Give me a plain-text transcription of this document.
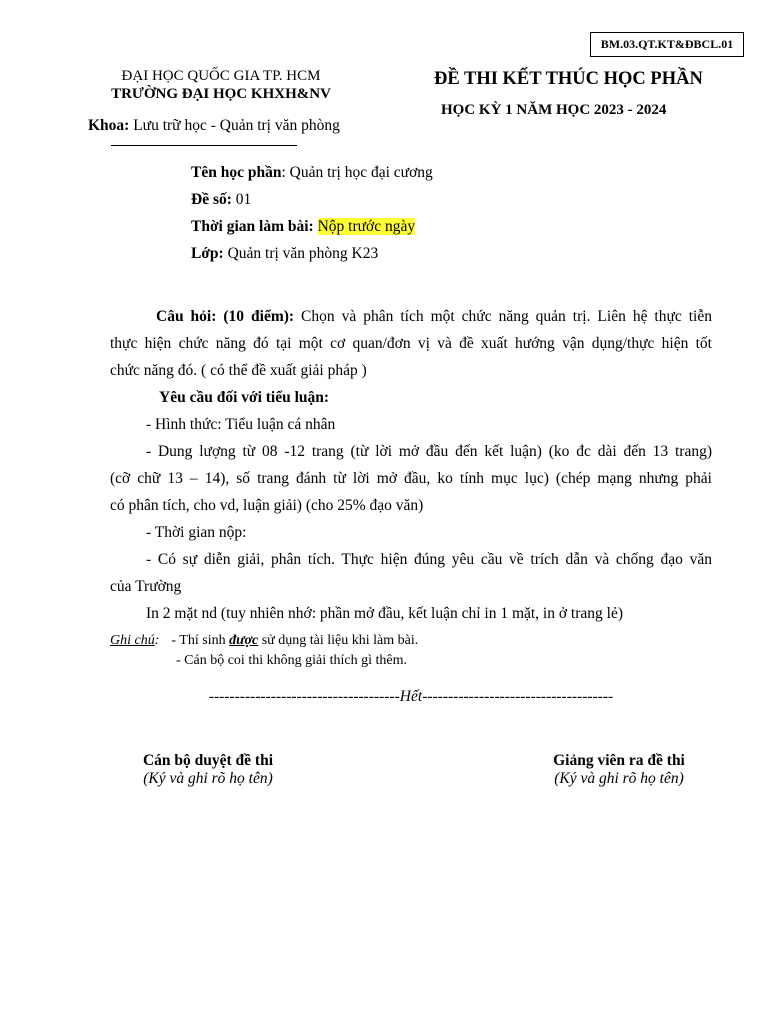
BM.03.QT.KT&ĐBCL.01
ĐẠI HỌC QUỐC GIA TP. HCM
TRƯỜNG ĐẠI HỌC KHXH&NV
Khoa: Lưu trữ học - Quản trị văn phòng
ĐỀ THI KẾT THÚC HỌC PHẦN
HỌC KỲ 1 NĂM HỌC 2023 - 2024
Tên học phần: Quản trị học đại cương
Đề số: 01
Thời gian làm bài: Nộp trước ngày
Lớp: Quản trị văn phòng K23
Câu hỏi: (10 điểm): Chọn và phân tích một chức năng quản trị. Liên hệ thực tiễn
thực hiện chức năng đó tại một cơ quan/đơn vị và đề xuất hướng vận dụng/thực hiện tốt
chức năng đó. ( có thể đề xuất giải pháp )
Yêu cầu đối với tiểu luận:
- Hình thức: Tiểu luận cá nhân
- Dung lượng từ 08 -12 trang (từ lời mở đầu đến kết luận) (ko đc dài đến 13 trang)
(cỡ chữ 13 – 14), số trang đánh từ lời mở đầu, ko tính mục lục) (chép mạng nhưng phải
có phân tích, cho vd, luận giải) (cho 25% đạo văn)
- Thời gian nộp:
- Có sự diễn giải, phân tích. Thực hiện đúng yêu cầu về trích dẫn và chống đạo văn
của Trường
In 2 mặt nd (tuy nhiên nhớ: phần mở đầu, kết luận chỉ in 1 mặt, in ở trang lẻ)
Ghi chú: - Thí sinh được sử dụng tài liệu khi làm bài.
- Cán bộ coi thi không giải thích gì thêm.
-------------------------------------Hết-------------------------------------
Cán bộ duyệt đề thi
(Ký và ghi rõ họ tên)
Giảng viên ra đề thi
(Ký và ghi rõ họ tên)
